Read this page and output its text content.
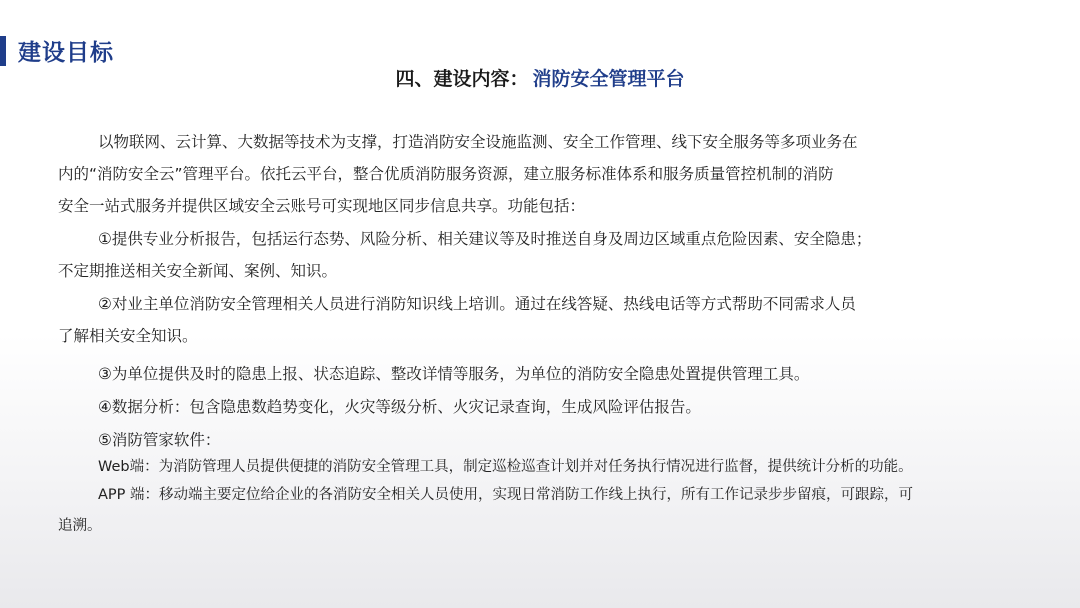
建设目标
四、建设内容： 消防安全管理平台
以物联网、云计算、大数据等技术为支撑，打造消防安全设施监测、安全工作管理、线下安全服务等多项业务在
内的“消防安全云”管理平台。依托云平台，整合优质消防服务资源，建立服务标准体系和服务质量管控机制的消防
安全一站式服务并提供区域安全云账号可实现地区同步信息共享。功能包括：
①提供专业分析报告，包括运行态势、风险分析、相关建议等及时推送自身及周边区域重点危险因素、安全隐患；
不定期推送相关安全新闻、案例、知识。
②对业主单位消防安全管理相关人员进行消防知识线上培训。通过在线答疑、热线电话等方式帮助不同需求人员
了解相关安全知识。
③为单位提供及时的隐患上报、状态追踪、整改详情等服务，为单位的消防安全隐患处置提供管理工具。
④数据分析：包含隐患数趋势变化，火灾等级分析、火灾记录查询，生成风险评估报告。
⑤消防管家软件：
Web端：为消防管理人员提供便捷的消防安全管理工具，制定巡检巡查计划并对任务执行情况进行监督，提供统计分析的功能。
APP 端：移动端主要定位给企业的各消防安全相关人员使用，实现日常消防工作线上执行，所有工作记录步步留痕，可跟踪，可
追溯。
